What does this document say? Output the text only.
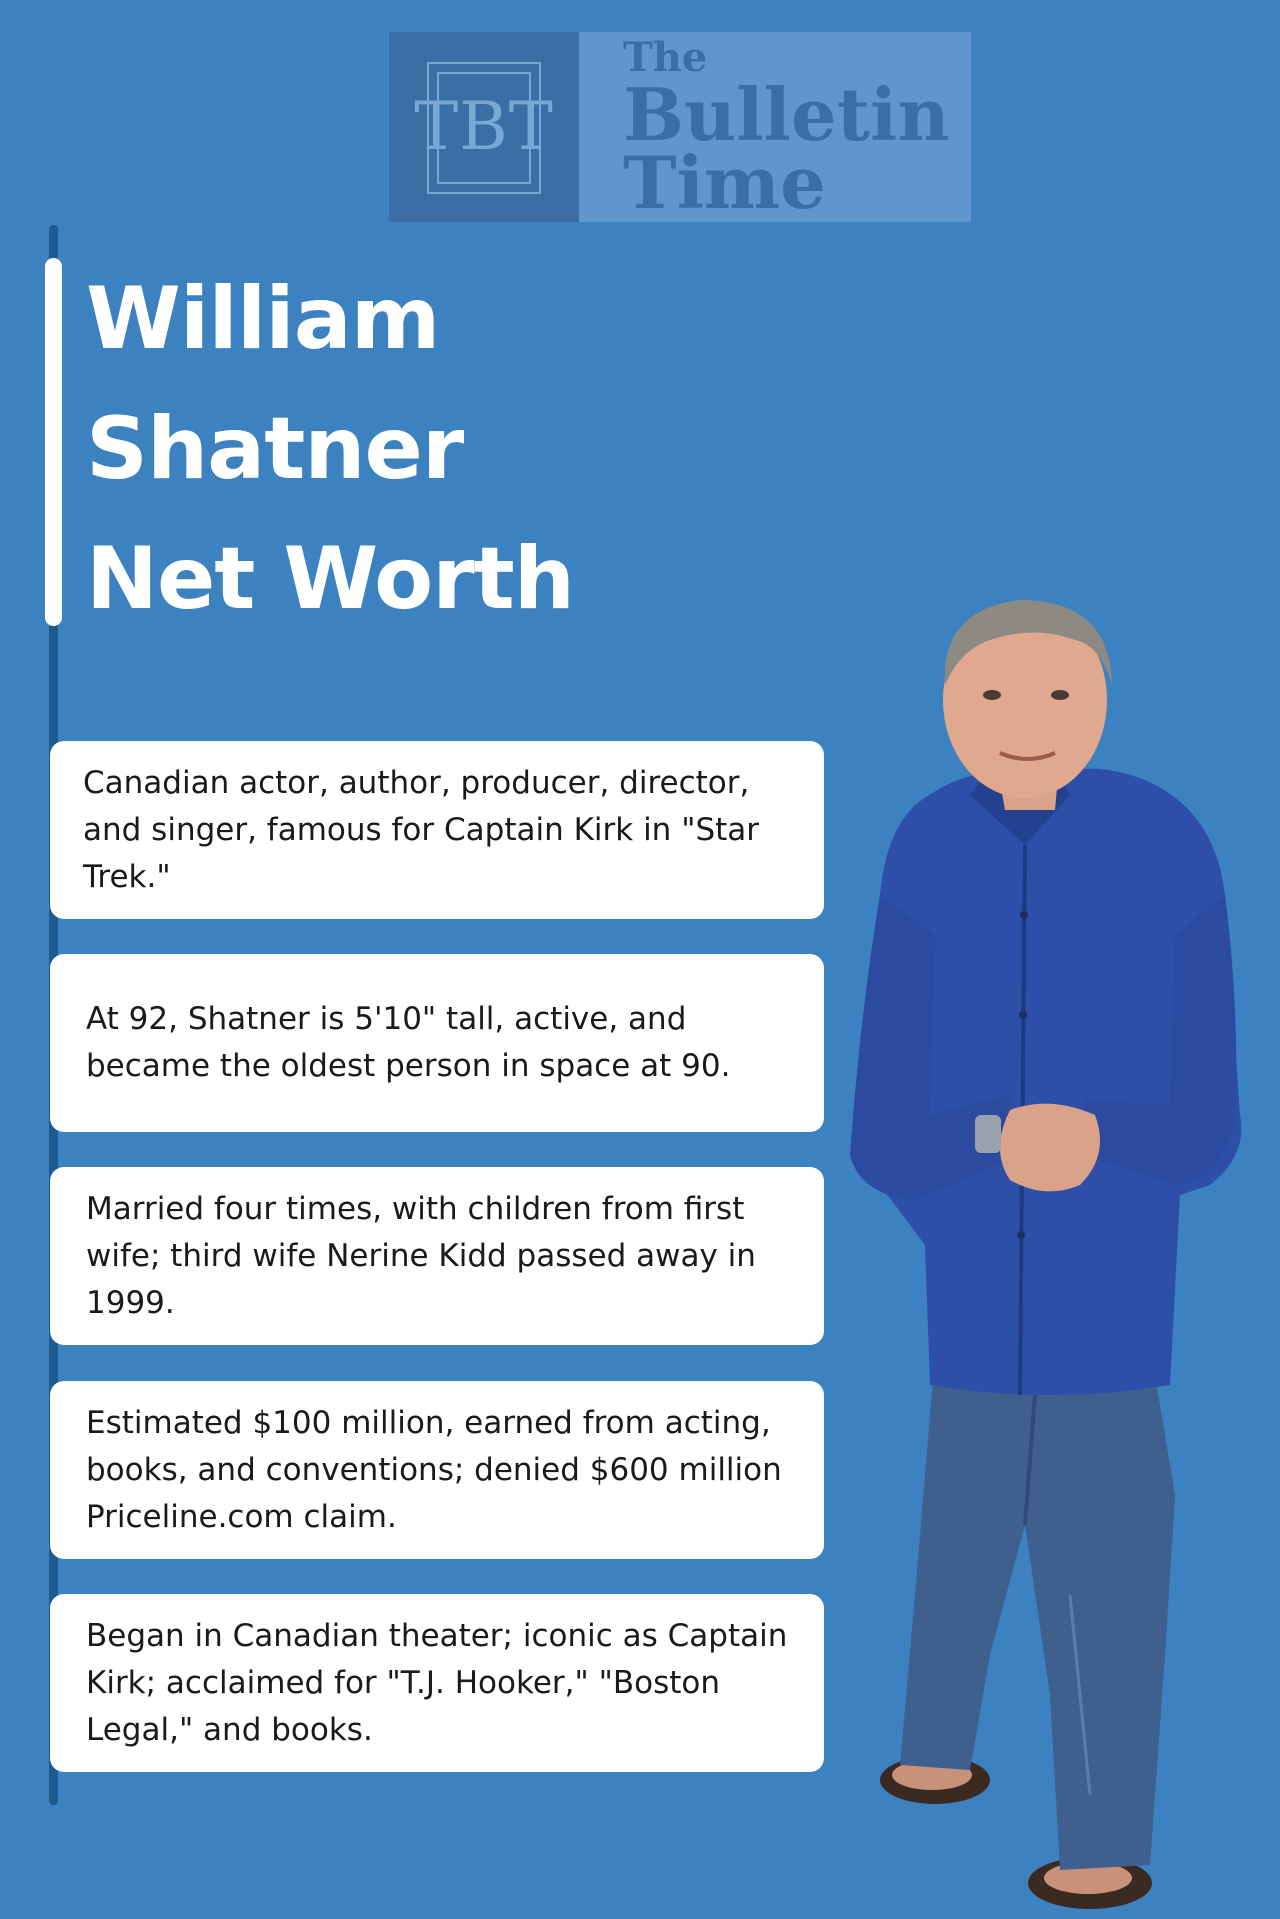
TBT
The
Bulletin
Time
William
Shatner
Net Worth

Canadian actor, author, producer, director, and singer, famous for Captain Kirk in "Star Trek."

At 92, Shatner is 5'10" tall, active, and became the oldest person in space at 90.

Married four times, with children from first wife; third wife Nerine Kidd passed away in 1999.

Estimated $100 million, earned from acting, books, and conventions; denied $600 million Priceline.com claim.

Began in Canadian theater; iconic as Captain Kirk; acclaimed for "T.J. Hooker," "Boston Legal," and books.
